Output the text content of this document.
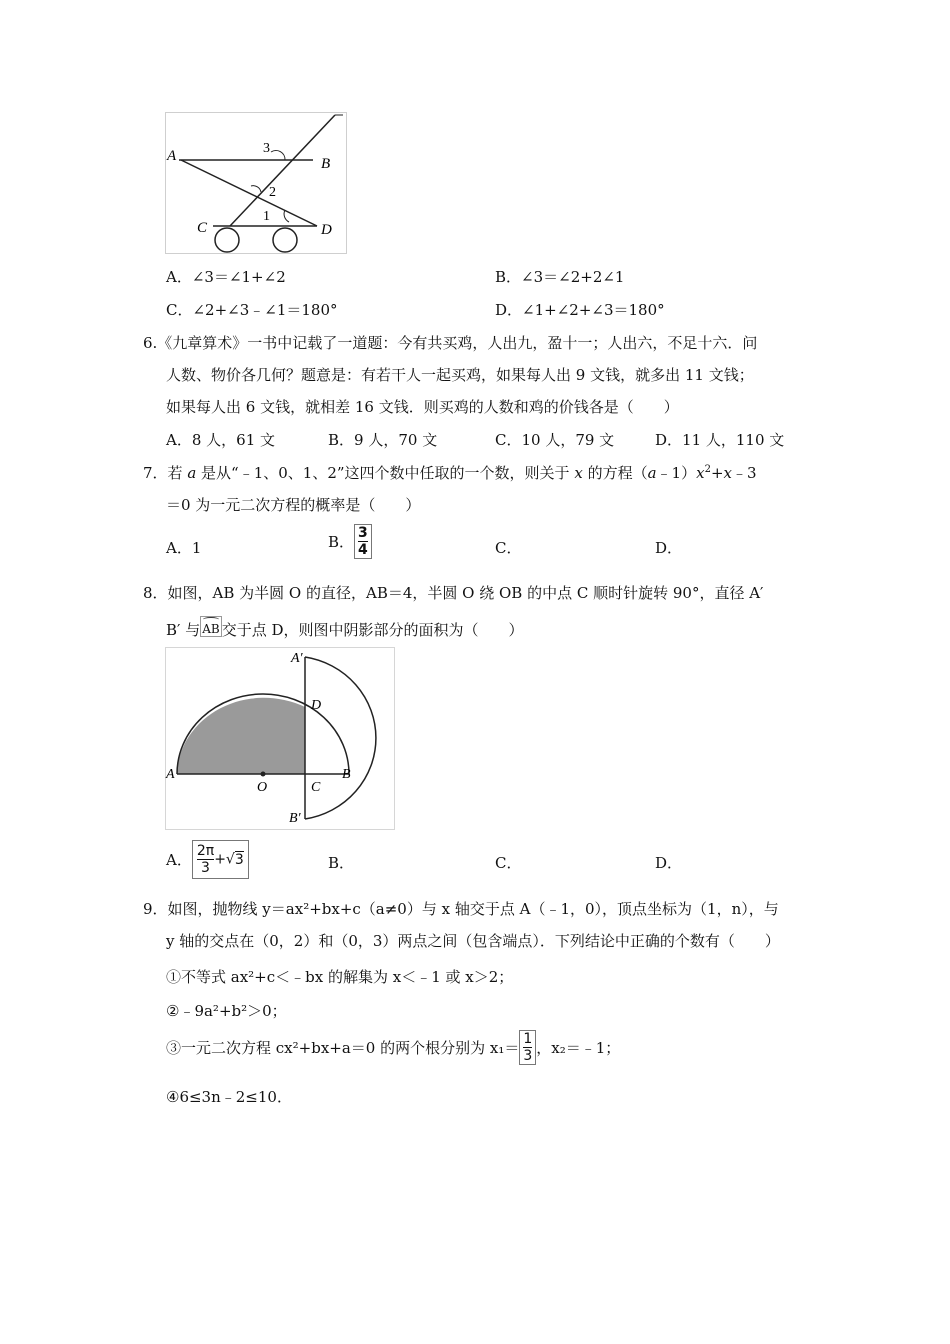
A	B
C	D
3
2
1
A．∠3＝∠1+∠2	B．∠3＝∠2+2∠1
C．∠2+∠3﹣∠1＝180°	D．∠1+∠2+∠3＝180°
6.《九章算术》一书中记载了一道题：今有共买鸡，人出九，盈十一；人出六，不足十六．问
人数、物价各几何？题意是：有若干人一起买鸡，如果每人出 9 文钱，就多出 11 文钱；
如果每人出 6 文钱，就相差 16 文钱．则买鸡的人数和鸡的价钱各是（　　）
A．8 人，61 文	B．9 人，70 文	C．10 人，79 文	D．11 人，110 文
7．若 a 是从“﹣1、0、1、2”这四个数中任取的一个数，则关于 x 的方程$(a﹣1)x^2+x﹣3$
＝0 为一元二次方程的概率是（　　）
A．1	B． $\frac{3}{4}$	C．	D．
8．如图，AB 为半圆 O 的直径，AB＝4，半圆 O 绕 OB 的中点 C 顺时针旋转 90°，直径 A′
B′ 与 AB 交于点 D，则图中阴影部分的面积为（　　）
A
O	C
B
D
A′
B′
A． $\frac{2\pi}{3} +√3$	B．	C．	D．
9．如图，抛物线 y＝ax²+bx+c（a≠0）与 x 轴交于点 A（﹣1，0），顶点坐标为（1，n），与
y 轴的交点在（0，2）和（0，3）两点之间（包含端点）．下列结论中正确的个数有（　　）
①不等式 ax²+c＜﹣bx 的解集为 x＜﹣1 或 x＞2；
②﹣9a²+b²＞0；
③一元二次方程 cx²+bx+a＝0 的两个根分别为 $x_1= \frac{1}{3}$ ，x₂＝﹣1；
④6≤3n﹣2≤10．
